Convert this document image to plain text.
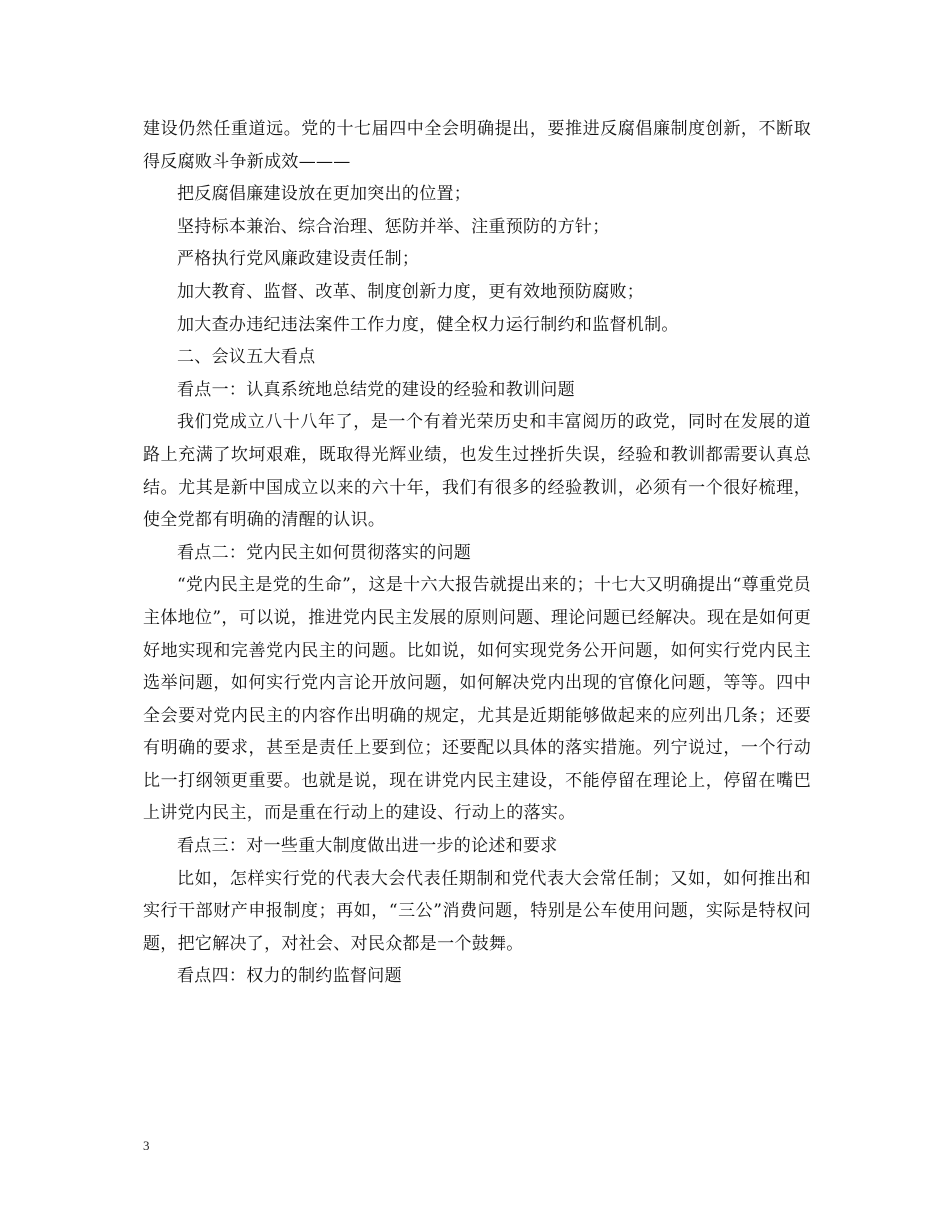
建设仍然任重道远。党的十七届四中全会明确提出，要推进反腐倡廉制度创新，不断取得反腐败斗争新成效———

把反腐倡廉建设放在更加突出的位置；

坚持标本兼治、综合治理、惩防并举、注重预防的方针；

严格执行党风廉政建设责任制；

加大教育、监督、改革、制度创新力度，更有效地预防腐败；

加大查办违纪违法案件工作力度，健全权力运行制约和监督机制。

二、会议五大看点

看点一：认真系统地总结党的建设的经验和教训问题

我们党成立八十八年了，是一个有着光荣历史和丰富阅历的政党，同时在发展的道路上充满了坎坷艰难，既取得光辉业绩，也发生过挫折失误，经验和教训都需要认真总结。尤其是新中国成立以来的六十年，我们有很多的经验教训，必须有一个很好梳理，使全党都有明确的清醒的认识。

看点二：党内民主如何贯彻落实的问题

“党内民主是党的生命”，这是十六大报告就提出来的；十七大又明确提出“尊重党员主体地位”，可以说，推进党内民主发展的原则问题、理论问题已经解决。现在是如何更好地实现和完善党内民主的问题。比如说，如何实现党务公开问题，如何实行党内民主选举问题，如何实行党内言论开放问题，如何解决党内出现的官僚化问题，等等。四中全会要对党内民主的内容作出明确的规定，尤其是近期能够做起来的应列出几条；还要有明确的要求，甚至是责任上要到位；还要配以具体的落实措施。列宁说过，一个行动比一打纲领更重要。也就是说，现在讲党内民主建设，不能停留在理论上，停留在嘴巴上讲党内民主，而是重在行动上的建设、行动上的落实。

看点三：对一些重大制度做出进一步的论述和要求

比如，怎样实行党的代表大会代表任期制和党代表大会常任制；又如，如何推出和实行干部财产申报制度；再如，“三公”消费问题，特别是公车使用问题，实际是特权问题，把它解决了，对社会、对民众都是一个鼓舞。

看点四：权力的制约监督问题

3
